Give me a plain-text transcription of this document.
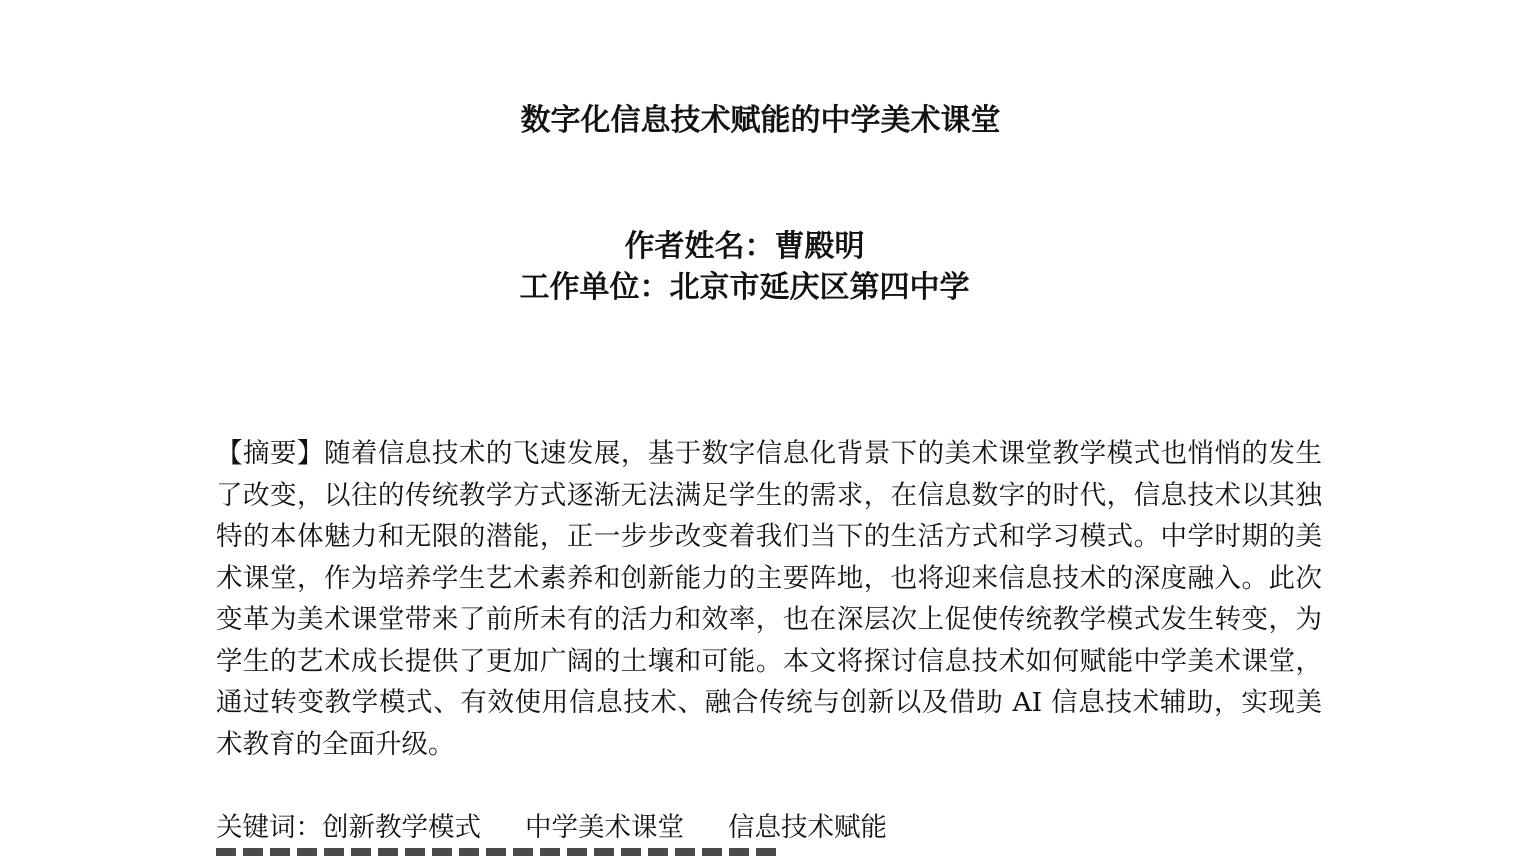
数字化信息技术赋能的中学美术课堂
作者姓名：曹殿明
工作单位：北京市延庆区第四中学
【摘要】随着信息技术的飞速发展，基于数字信息化背景下的美术课堂教学模式也悄悄的发生了改变，以往的传统教学方式逐渐无法满足学生的需求，在信息数字的时代，信息技术以其独特的本体魅力和无限的潜能，正一步步改变着我们当下的生活方式和学习模式。中学时期的美术课堂，作为培养学生艺术素养和创新能力的主要阵地，也将迎来信息技术的深度融入。此次变革为美术课堂带来了前所未有的活力和效率，也在深层次上促使传统教学模式发生转变，为学生的艺术成长提供了更加广阔的土壤和可能。本文将探讨信息技术如何赋能中学美术课堂，通过转变教学模式、有效使用信息技术、融合传统与创新以及借助 AI 信息技术辅助，实现美术教育的全面升级。
关键词：创新教学模式 中学美术课堂 信息技术赋能
